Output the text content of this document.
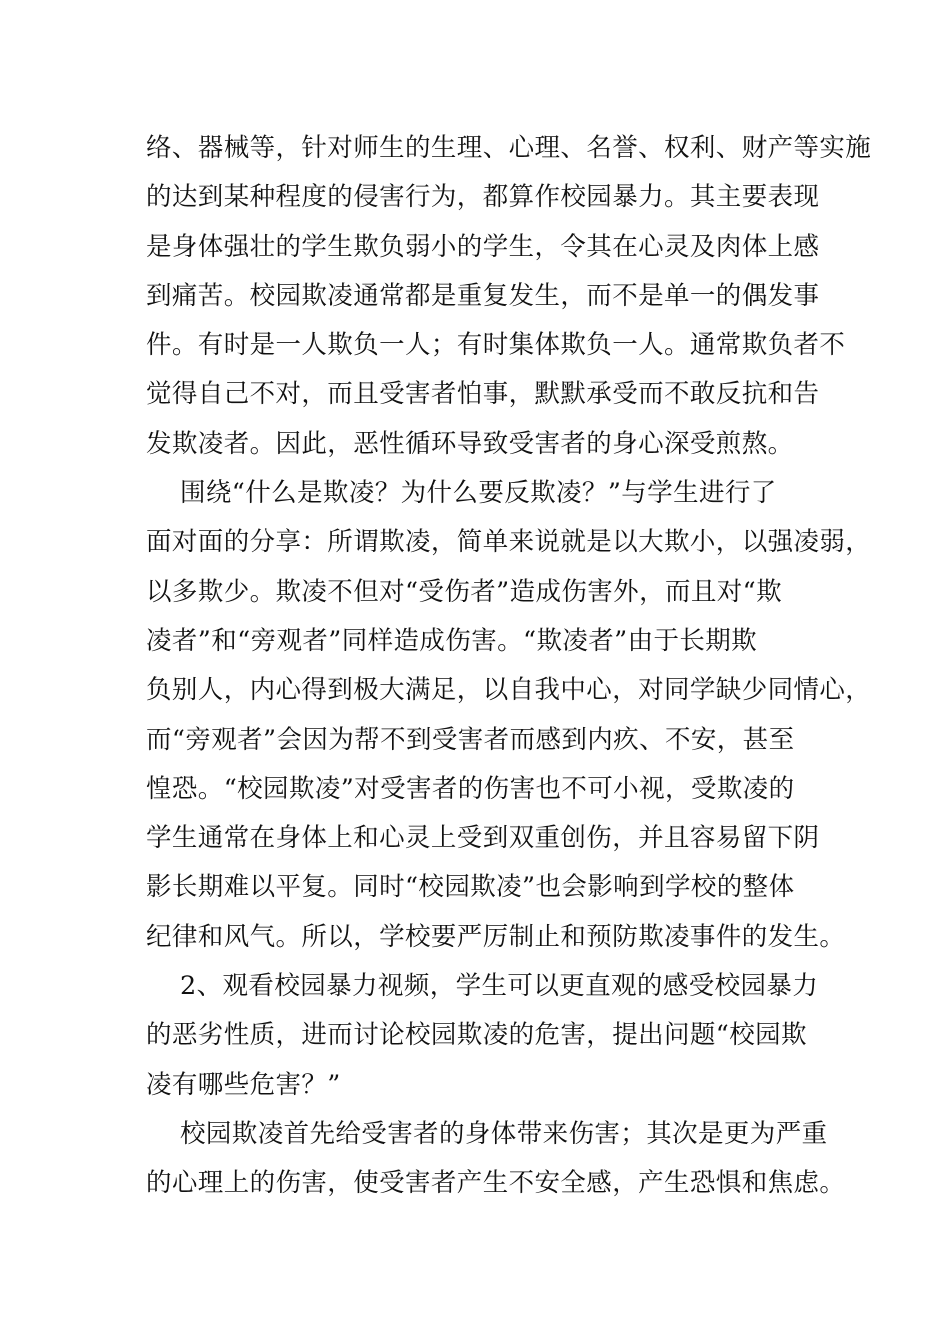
络、器械等，针对师生的生理、心理、名誉、权利、财产等实施
的达到某种程度的侵害行为，都算作校园暴力。其主要表现
是身体强壮的学生欺负弱小的学生，令其在心灵及肉体上感
到痛苦。校园欺凌通常都是重复发生，而不是单一的偶发事
件。有时是一人欺负一人；有时集体欺负一人。通常欺负者不
觉得自己不对，而且受害者怕事，默默承受而不敢反抗和告
发欺凌者。因此，恶性循环导致受害者的身心深受煎熬。
围绕“什么是欺凌？为什么要反欺凌？”与学生进行了
面对面的分享：所谓欺凌，简单来说就是以大欺小，以强凌弱，
以多欺少。欺凌不但对“受伤者”造成伤害外，而且对“欺
凌者”和“旁观者”同样造成伤害。“欺凌者”由于长期欺
负别人，内心得到极大满足，以自我中心，对同学缺少同情心，
而“旁观者”会因为帮不到受害者而感到内疚、不安，甚至
惶恐。“校园欺凌”对受害者的伤害也不可小视，受欺凌的
学生通常在身体上和心灵上受到双重创伤，并且容易留下阴
影长期难以平复。同时“校园欺凌”也会影响到学校的整体
纪律和风气。所以，学校要严厉制止和预防欺凌事件的发生。
2、观看校园暴力视频，学生可以更直观的感受校园暴力
的恶劣性质，进而讨论校园欺凌的危害，提出问题“校园欺
凌有哪些危害？”
校园欺凌首先给受害者的身体带来伤害；其次是更为严重
的心理上的伤害，使受害者产生不安全感，产生恐惧和焦虑。
